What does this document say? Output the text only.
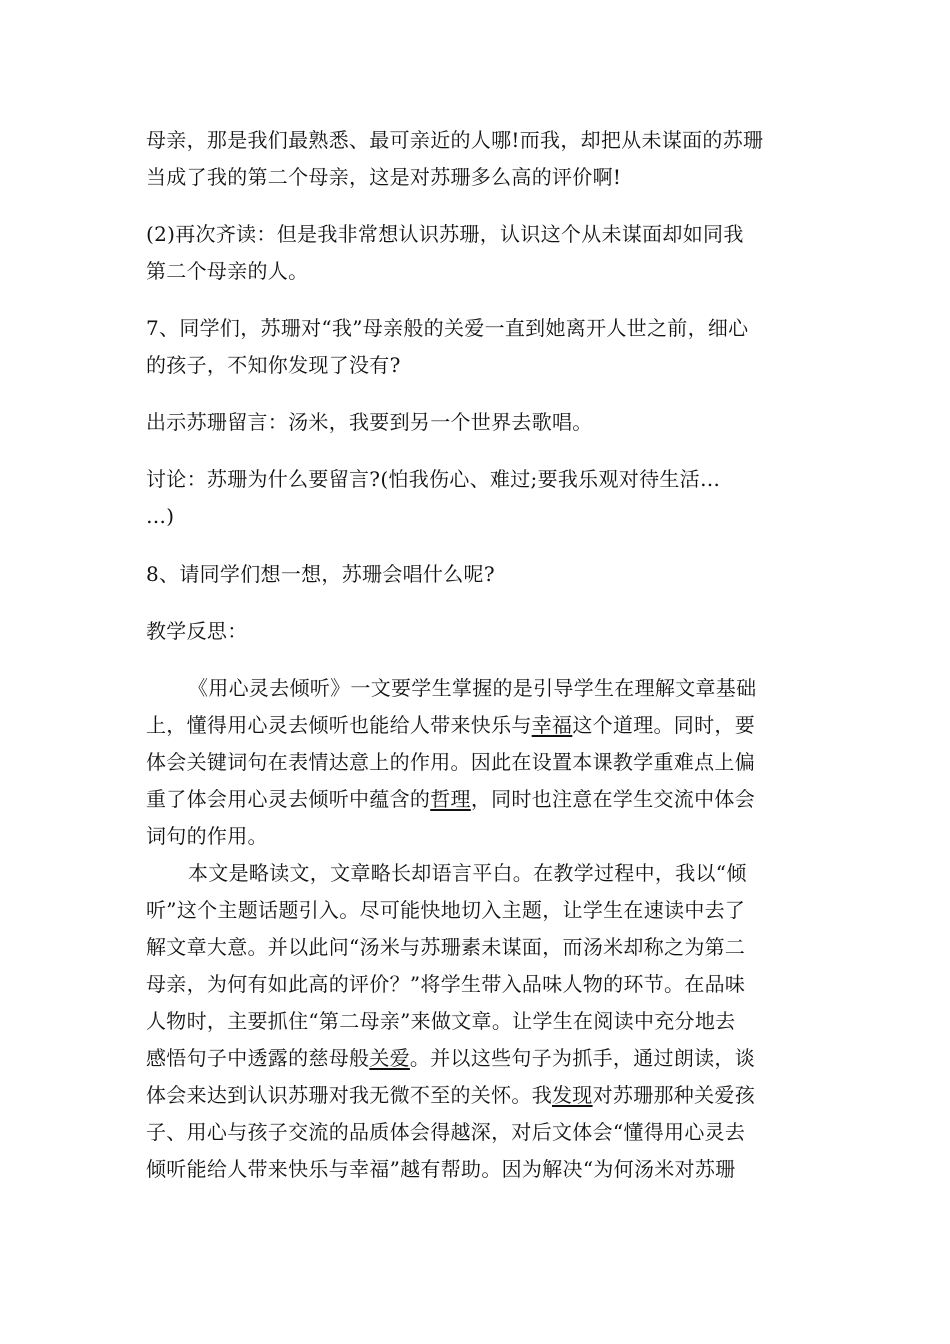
母亲，那是我们最熟悉、最可亲近的人哪!而我，却把从未谋面的苏珊
当成了我的第二个母亲，这是对苏珊多么高的评价啊!

(2)再次齐读：但是我非常想认识苏珊，认识这个从未谋面却如同我
第二个母亲的人。

7、同学们，苏珊对“我”母亲般的关爱一直到她离开人世之前，细心
的孩子，不知你发现了没有?

出示苏珊留言：汤米，我要到另一个世界去歌唱。

讨论：苏珊为什么要留言?(怕我伤心、难过;要我乐观对待生活…
…)

8、请同学们想一想，苏珊会唱什么呢?

教学反思：

《用心灵去倾听》一文要学生掌握的是引导学生在理解文章基础
上，懂得用心灵去倾听也能给人带来快乐与幸福这个道理。同时，要
体会关键词句在表情达意上的作用。因此在设置本课教学重难点上偏
重了体会用心灵去倾听中蕴含的哲理，同时也注意在学生交流中体会
词句的作用。

本文是略读文，文章略长却语言平白。在教学过程中，我以“倾
听”这个主题话题引入。尽可能快地切入主题，让学生在速读中去了
解文章大意。并以此问“汤米与苏珊素未谋面，而汤米却称之为第二
母亲，为何有如此高的评价？”将学生带入品味人物的环节。在品味
人物时，主要抓住“第二母亲”来做文章。让学生在阅读中充分地去
感悟句子中透露的慈母般关爱。并以这些句子为抓手，通过朗读，谈
体会来达到认识苏珊对我无微不至的关怀。我发现对苏珊那种关爱孩
子、用心与孩子交流的品质体会得越深，对后文体会“懂得用心灵去
倾听能给人带来快乐与幸福”越有帮助。因为解决“为何汤米对苏珊
